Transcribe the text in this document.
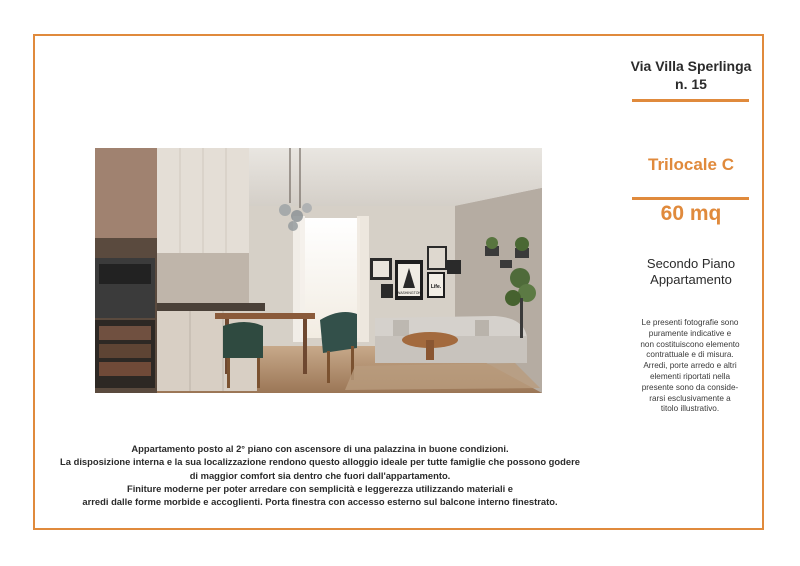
Via Villa Sperlinga
n. 15
Trilocale C
60 mq
Secondo Piano
Appartamento
Le presenti fotografie sono
puramente indicative e
non costituiscono elemento
contrattuale e di misura.
Arredi, porte arredo e altri
elementi riportati nella
presente sono da conside-
rarsi esclusivamente a
titolo illustrativo.
WASHINGTON
Life.
Appartamento posto al 2° piano con ascensore di una palazzina in buone condizioni.
La disposizione interna e la sua localizzazione rendono questo alloggio ideale per tutte famiglie che possono godere
di maggior comfort sia dentro che fuori dall'appartamento.
Finiture moderne per poter arredare con semplicità e leggerezza utilizzando materiali e
arredi dalle forme morbide e accoglienti. Porta finestra con accesso esterno sul balcone interno finestrato.
